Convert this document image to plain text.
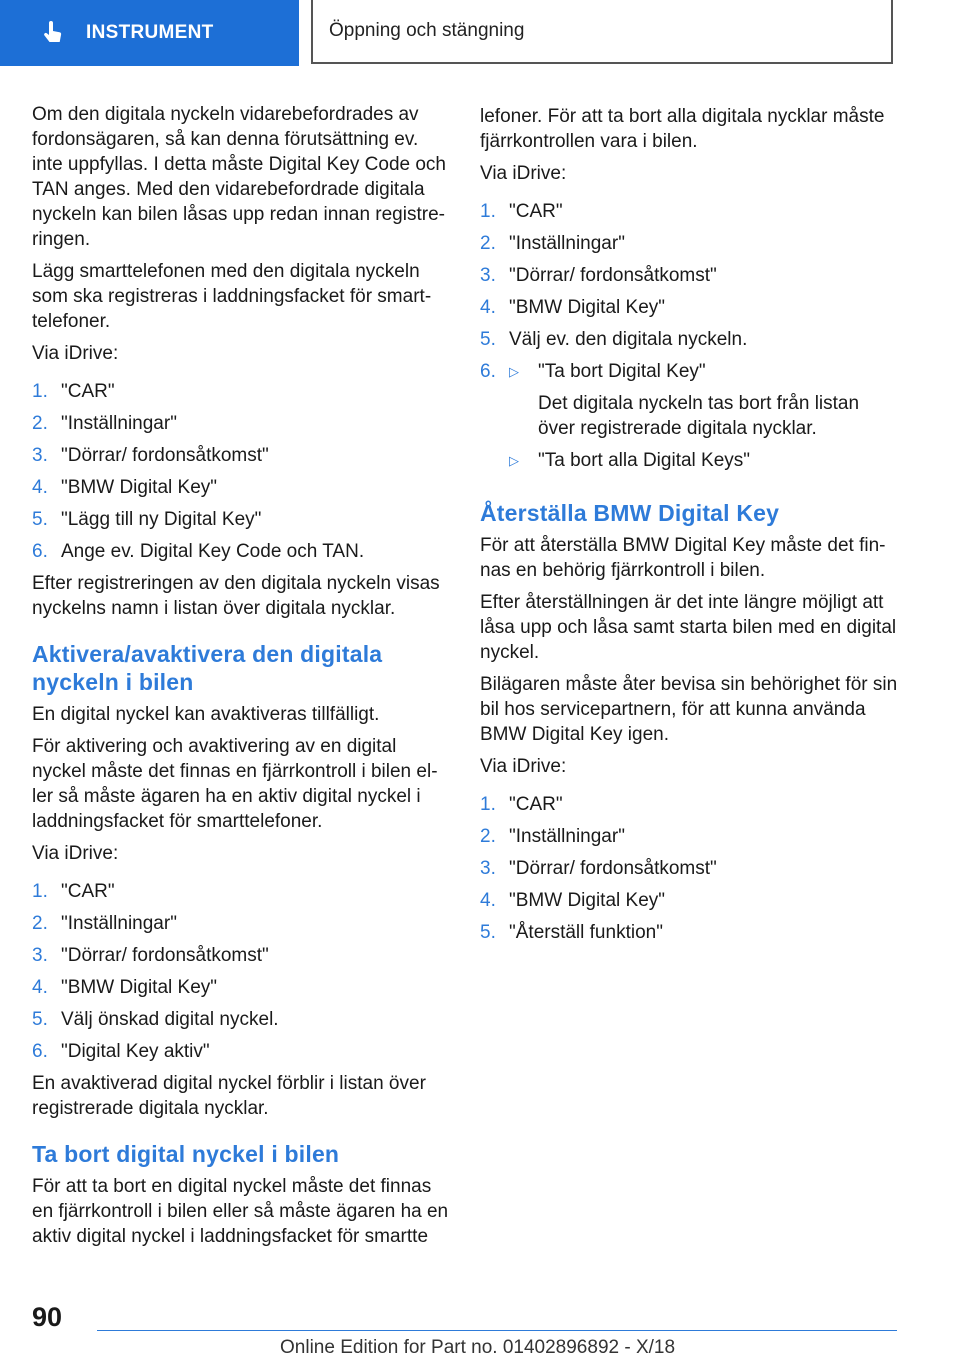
INSTRUMENT	Öppning och stängning

Om den digitala nyckeln vidarebefordrades av fordonsägaren, så kan denna förutsättning ev. inte uppfyllas. I detta måste Digital Key Code och TAN anges. Med den vidarebefordrade digitala nyckeln kan bilen låsas upp redan innan registreringen.

Lägg smarttelefonen med den digitala nyckeln som ska registreras i laddningsfacket för smarttelefoner.

Via iDrive:

1. "CAR"
2. "Inställningar"
3. "Dörrar/ fordonsåtkomst"
4. "BMW Digital Key"
5. "Lägg till ny Digital Key"
6. Ange ev. Digital Key Code och TAN.

Efter registreringen av den digitala nyckeln visas nyckelns namn i listan över digitala nycklar.

Aktivera/avaktivera den digitala nyckeln i bilen

En digital nyckel kan avaktiveras tillfälligt.

För aktivering och avaktivering av en digital nyckel måste det finnas en fjärrkontroll i bilen eller så måste ägaren ha en aktiv digital nyckel i laddningsfacket för smarttelefoner.

Via iDrive:

1. "CAR"
2. "Inställningar"
3. "Dörrar/ fordonsåtkomst"
4. "BMW Digital Key"
5. Välj önskad digital nyckel.
6. "Digital Key aktiv"

En avaktiverad digital nyckel förblir i listan över registrerade digitala nycklar.

Ta bort digital nyckel i bilen

För att ta bort en digital nyckel måste det finnas en fjärrkontroll i bilen eller så måste ägaren ha en aktiv digital nyckel i laddningsfacket för smartte

lefoner. För att ta bort alla digitala nycklar måste fjärrkontrollen vara i bilen.

Via iDrive:

1. "CAR"
2. "Inställningar"
3. "Dörrar/ fordonsåtkomst"
4. "BMW Digital Key"
5. Välj ev. den digitala nyckeln.
6.	▷	"Ta bort Digital Key"
Det digitala nyckeln tas bort från listan över registrerade digitala nycklar.
▷	"Ta bort alla Digital Keys"
Återställa BMW Digital Key

För att återställa BMW Digital Key måste det finnas en behörig fjärrkontroll i bilen.

Efter återställningen är det inte längre möjligt att låsa upp och låsa samt starta bilen med en digital nyckel.

Bilägaren måste åter bevisa sin behörighet för sin bil hos servicepartnern, för att kunna använda BMW Digital Key igen.

Via iDrive:

1. "CAR"
2. "Inställningar"
3. "Dörrar/ fordonsåtkomst"
4. "BMW Digital Key"
5. "Återställ funktion"
90
Online Edition for Part no. 01402896892 - X/18
